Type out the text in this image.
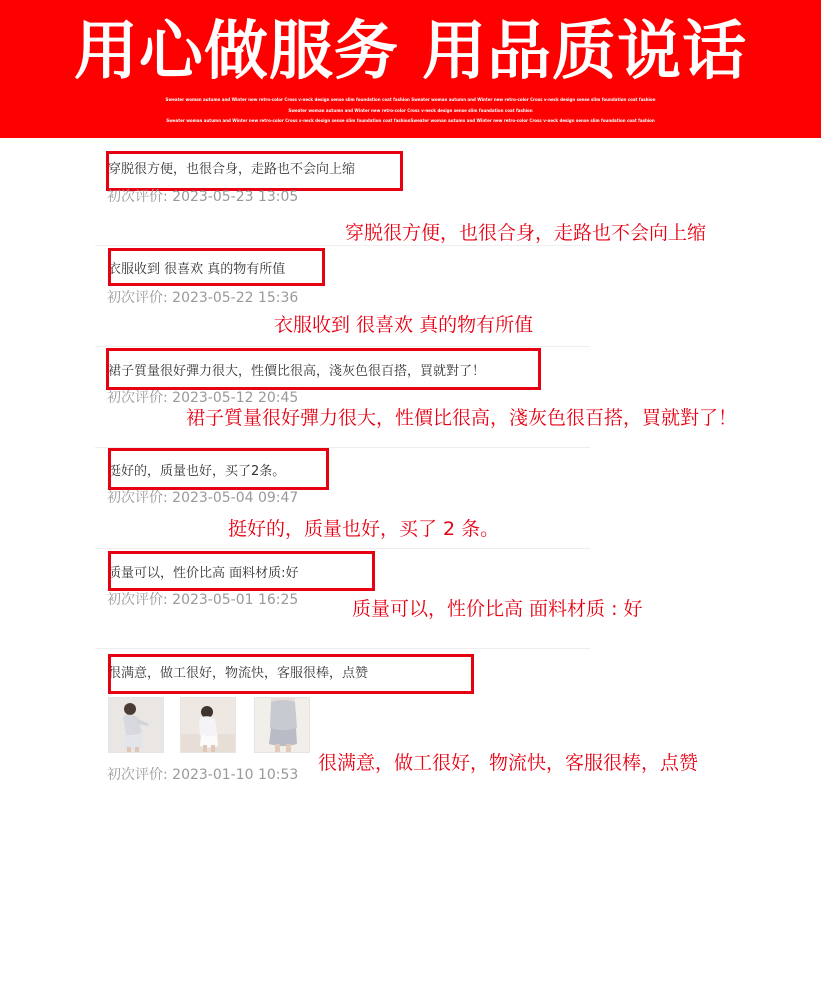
用心做服务 用品质说话
Sweater woman autumn and Winter new retro-color Cross v-neck design sense slim foundation coat fashion Sweater woman autumn and Winter new retro-color Cross v-neck design sense slim foundation coat fashion
Sweater woman autumn and Winter new retro-color Cross v-neck design sense slim foundation coat fashion
Sweater woman autumn and Winter new retro-color Cross v-neck design sense slim foundation coat fashionSweater woman autumn and Winter new retro-color Cross v-neck design sense slim foundation coat fashion
穿脱很方便，也很合身，走路也不会向上缩
初次评价: 2023-05-23 13:05
穿脱很方便，也很合身，走路也不会向上缩
衣服收到 很喜欢 真的物有所值
初次评价: 2023-05-22 15:36
衣服收到 很喜欢 真的物有所值
裙子質量很好彈力很大，性價比很高，淺灰色很百搭，買就對了！
初次评价: 2023-05-12 20:45
裙子質量很好彈力很大，性價比很高，淺灰色很百搭，買就對了！
挺好的，质量也好，买了2条。
初次评价: 2023-05-04 09:47
挺好的，质量也好，买了 2 条。
质量可以，性价比高 面料材质:好
初次评价: 2023-05-01 16:25	质量可以，性价比高 面料材质 : 好
很满意，做工很好，物流快，客服很棒，点赞
很满意，做工很好，物流快，客服很棒，点赞
初次评价: 2023-01-10 10:53
